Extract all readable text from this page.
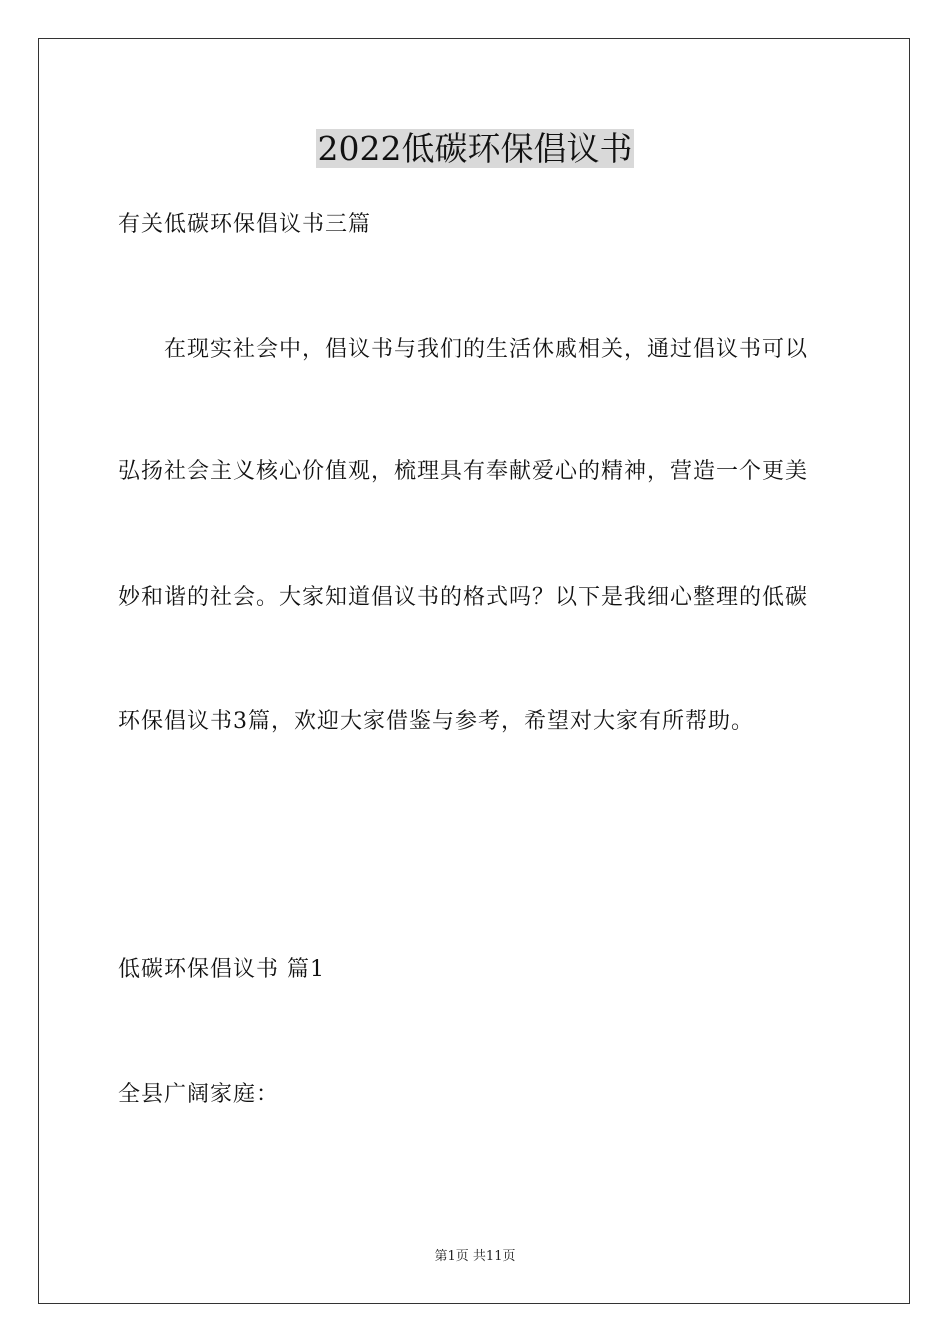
2022低碳环保倡议书
有关低碳环保倡议书三篇
在现实社会中，倡议书与我们的生活休戚相关，通过倡议书可以
弘扬社会主义核心价值观，梳理具有奉献爱心的精神，营造一个更美
妙和谐的社会。大家知道倡议书的格式吗？以下是我细心整理的低碳
环保倡议书3篇，欢迎大家借鉴与参考，希望对大家有所帮助。
低碳环保倡议书 篇1
全县广阔家庭：
第1页 共11页
